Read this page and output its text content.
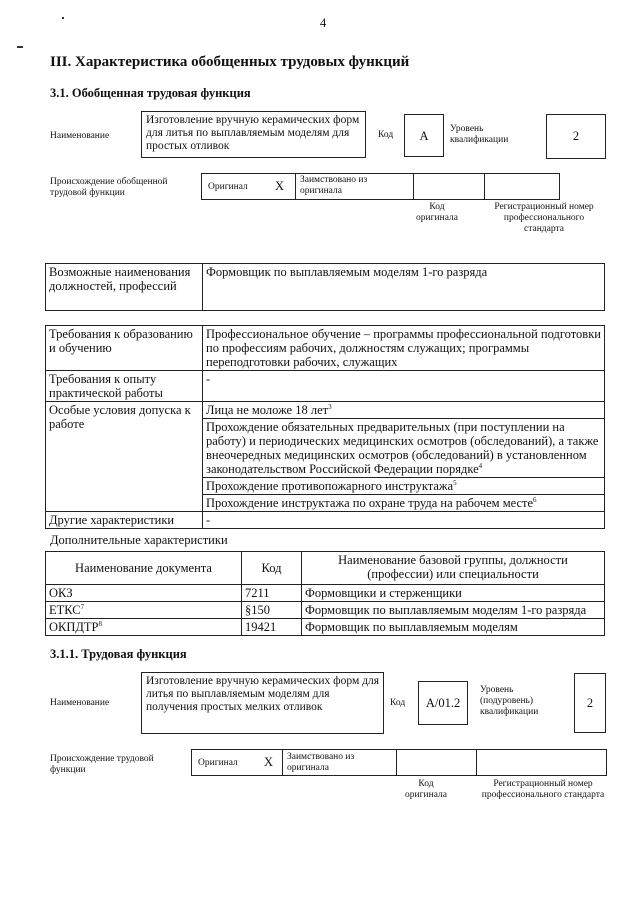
4
III. Характеристика обобщенных трудовых функций
3.1. Обобщенная трудовая функция
Наименование
Изготовление вручную керамических форм для литья по выплавляемым моделям для простых отливок
Код	А	Уровень квалификации	2
Происхождение обобщенной трудовой функции
Оригинал Х Заимствовано из оригинала
Код оригинала
Регистрационный номер профессионального стандарта
Возможные наименования должностей, профессий	Формовщик по выплавляемым моделям 1-го разряда
Требования к образованию и обучению	Профессиональное обучение – программы профессиональной подготовки по профессиям рабочих, должностям служащих; программы переподготовки рабочих, служащих
Требования к опыту практической работы	-
Особые условия допуска к работе	Лица не моложе 18 лет$^3$
	Прохождение обязательных предварительных (при поступлении на работу) и периодических медицинских осмотров (обследований), а также внеочередных медицинских осмотров (обследований) в установленном законодательством Российской Федерации порядке$^4$
	Прохождение противопожарного инструктажа$^5$
	Прохождение инструктажа по охране труда на рабочем месте$^6$
Другие характеристики	-
Дополнительные характеристики
Наименование документа	Код	Наименование базовой группы, должности (профессии) или специальности
ОКЗ	7211	Формовщики и стерженщики
ЕТКС$^7$	§150	Формовщик по выплавляемым моделям 1-го разряда
ОКПДТР$^8$	19421	Формовщик по выплавляемым моделям
3.1.1. Трудовая функция
Наименование
Изготовление вручную керамических форм для литья по выплавляемым моделям для получения простых мелких отливок	Код	А/01.2
Уровень (подуровень) квалификации
2
Происхождение трудовой функции
Оригинал Х Заимствовано из оригинала
Код оригинала
Регистрационный номер профессионального стандарта
